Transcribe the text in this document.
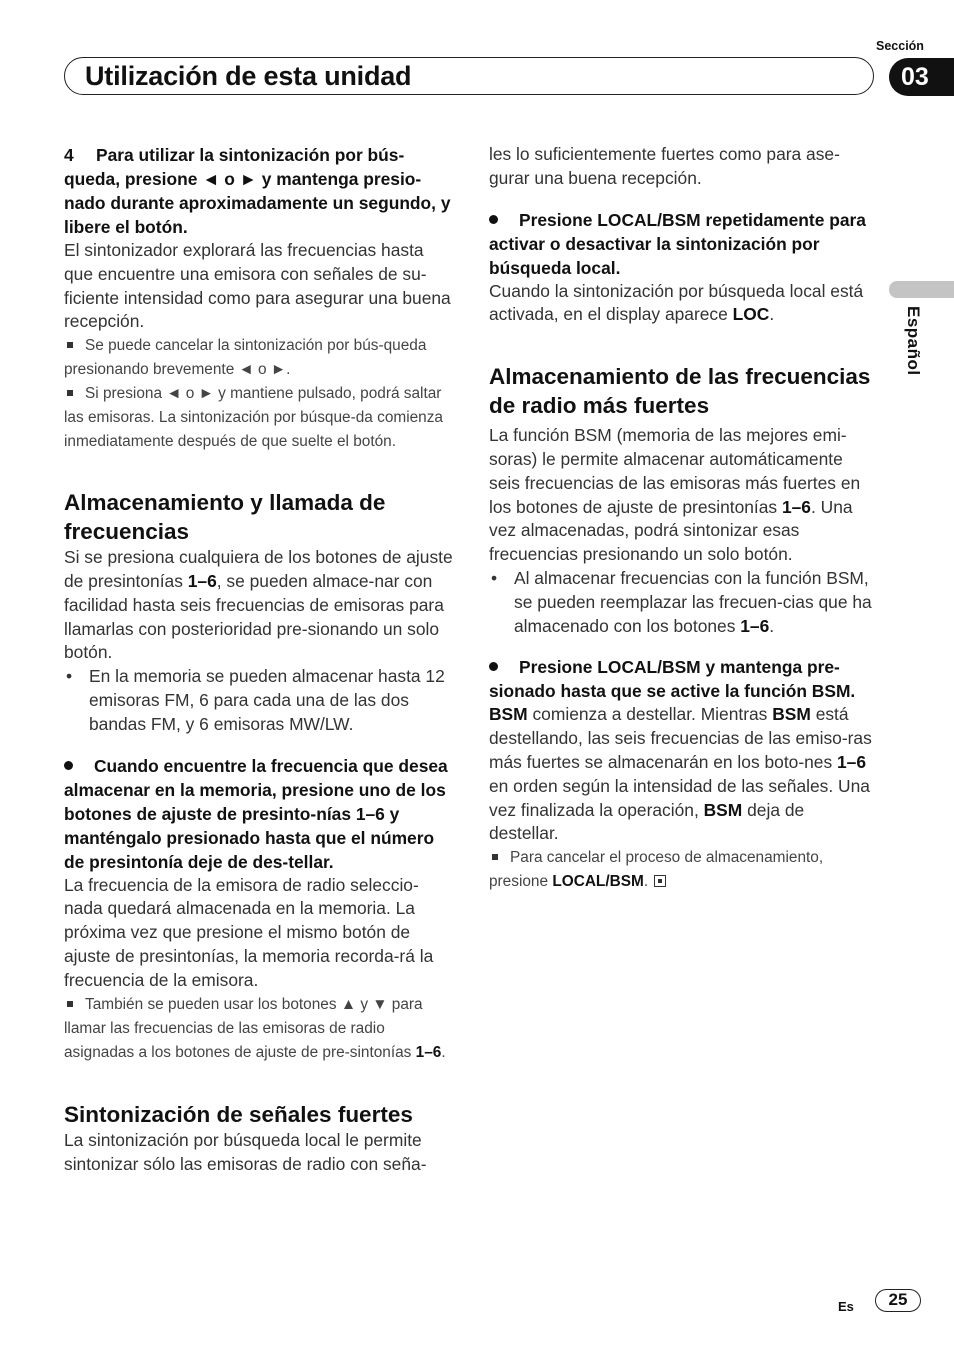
Utilización de esta unidad
Sección
03
Español

4 Para utilizar la sintonización por bús-queda, presione ◄ o ► y mantenga presio-nado durante aproximadamente un segundo, y libere el botón.

El sintonizador explorará las frecuencias hasta que encuentre una emisora con señales de su-ficiente intensidad como para asegurar una buena recepción.

Se puede cancelar la sintonización por bús-queda presionando brevemente ◄ o ►.

Si presiona ◄ o ► y mantiene pulsado, podrá saltar las emisoras. La sintonización por búsque-da comienza inmediatamente después de que suelte el botón.

Almacenamiento y llamada de frecuencias

Si se presiona cualquiera de los botones de ajuste de presintonías 1–6, se pueden almace-nar con facilidad hasta seis frecuencias de emisoras para llamarlas con posterioridad pre-sionando un solo botón.

• En la memoria se pueden almacenar hasta 12 emisoras FM, 6 para cada una de las dos bandas FM, y 6 emisoras MW/LW.

Cuando encuentre la frecuencia que desea almacenar en la memoria, presione uno de los botones de ajuste de presinto-nías 1–6 y manténgalo presionado hasta que el número de presintonía deje de des-tellar.

La frecuencia de la emisora de radio seleccio-nada quedará almacenada en la memoria. La próxima vez que presione el mismo botón de ajuste de presintonías, la memoria recorda-rá la frecuencia de la emisora.

También se pueden usar los botones ▲ y ▼ para llamar las frecuencias de las emisoras de radio asignadas a los botones de ajuste de pre-sintonías 1–6.

Sintonización de señales fuertes

La sintonización por búsqueda local le permite sintonizar sólo las emisoras de radio con seña-

les lo suficientemente fuertes como para ase-gurar una buena recepción.

Presione LOCAL/BSM repetidamente para activar o desactivar la sintonización por búsqueda local.

Cuando la sintonización por búsqueda local está activada, en el display aparece LOC.

Almacenamiento de las frecuencias de radio más fuertes

La función BSM (memoria de las mejores emi-soras) le permite almacenar automáticamente seis frecuencias de las emisoras más fuertes en los botones de ajuste de presintonías 1–6. Una vez almacenadas, podrá sintonizar esas frecuencias presionando un solo botón.

• Al almacenar frecuencias con la función BSM, se pueden reemplazar las frecuen-cias que ha almacenado con los botones 1–6.

Presione LOCAL/BSM y mantenga pre-sionado hasta que se active la función BSM.

BSM comienza a destellar. Mientras BSM está destellando, las seis frecuencias de las emiso-ras más fuertes se almacenarán en los boto-nes 1–6 en orden según la intensidad de las señales. Una vez finalizada la operación, BSM deja de destellar.

Para cancelar el proceso de almacenamiento, presione LOCAL/BSM.

Es	25
